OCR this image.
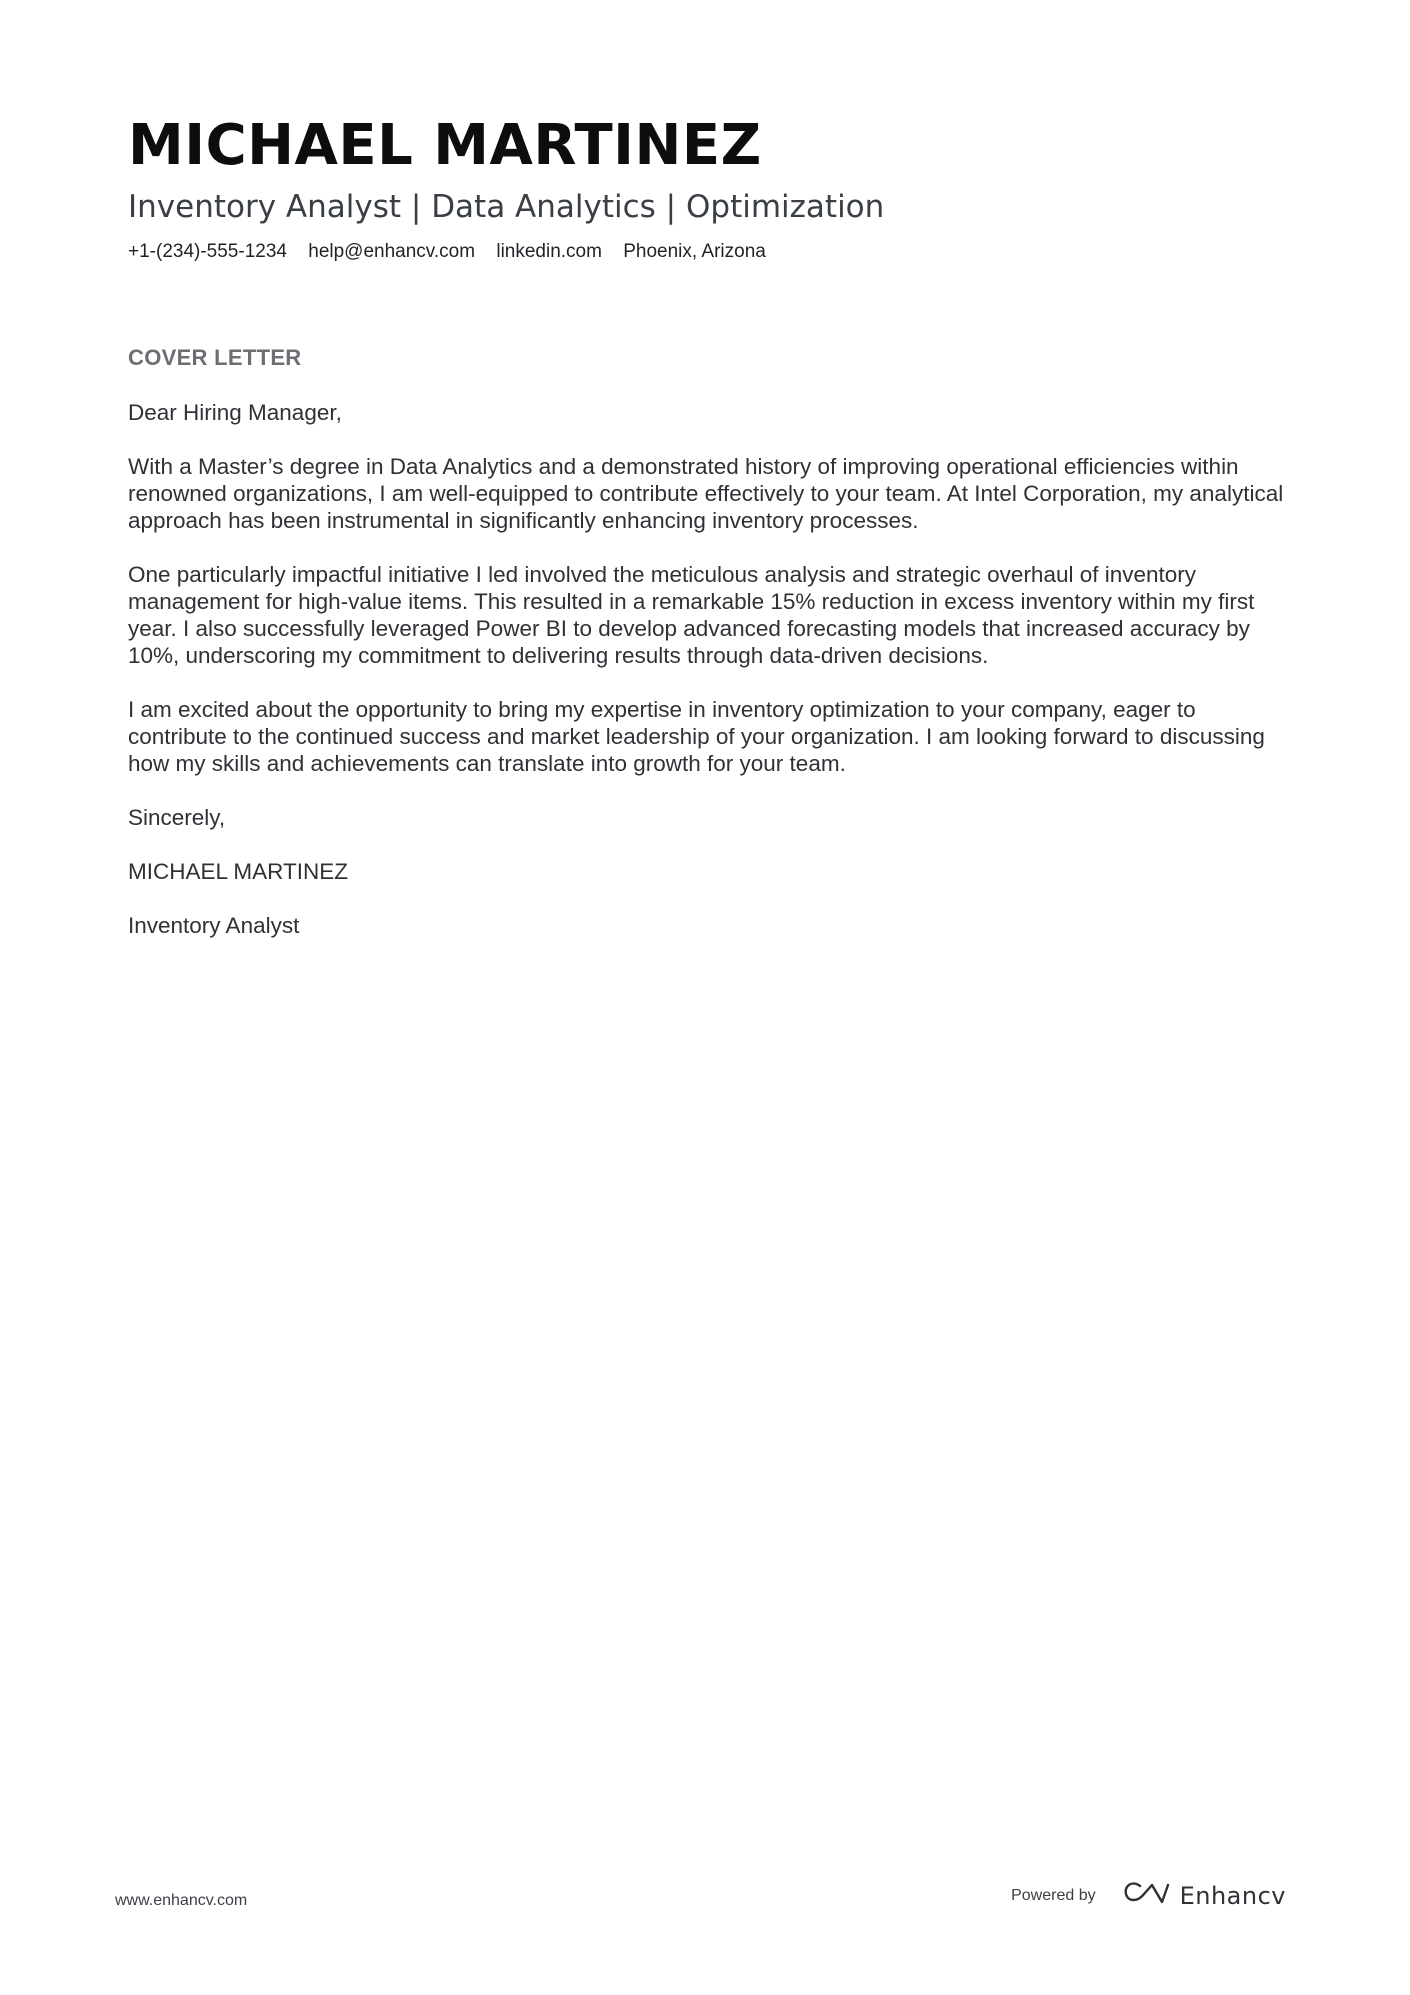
MICHAEL MARTINEZ
Inventory Analyst | Data Analytics | Optimization
+1-(234)-555-1234 help@enhancv.com linkedin.com Phoenix, Arizona
COVER LETTER

Dear Hiring Manager,

With a Master’s degree in Data Analytics and a demonstrated history of improving operational efficiencies within renowned organizations, I am well-equipped to contribute effectively to your team. At Intel Corporation, my analytical approach has been instrumental in significantly enhancing inventory processes.

One particularly impactful initiative I led involved the meticulous analysis and strategic overhaul of inventory management for high-value items. This resulted in a remarkable 15% reduction in excess inventory within my first year. I also successfully leveraged Power BI to develop advanced forecasting models that increased accuracy by 10%, underscoring my commitment to delivering results through data-driven decisions.

I am excited about the opportunity to bring my expertise in inventory optimization to your company, eager to contribute to the continued success and market leadership of your organization. I am looking forward to discussing how my skills and achievements can translate into growth for your team.

Sincerely,

MICHAEL MARTINEZ

Inventory Analyst

www.enhancv.com	Powered by	Enhancv
